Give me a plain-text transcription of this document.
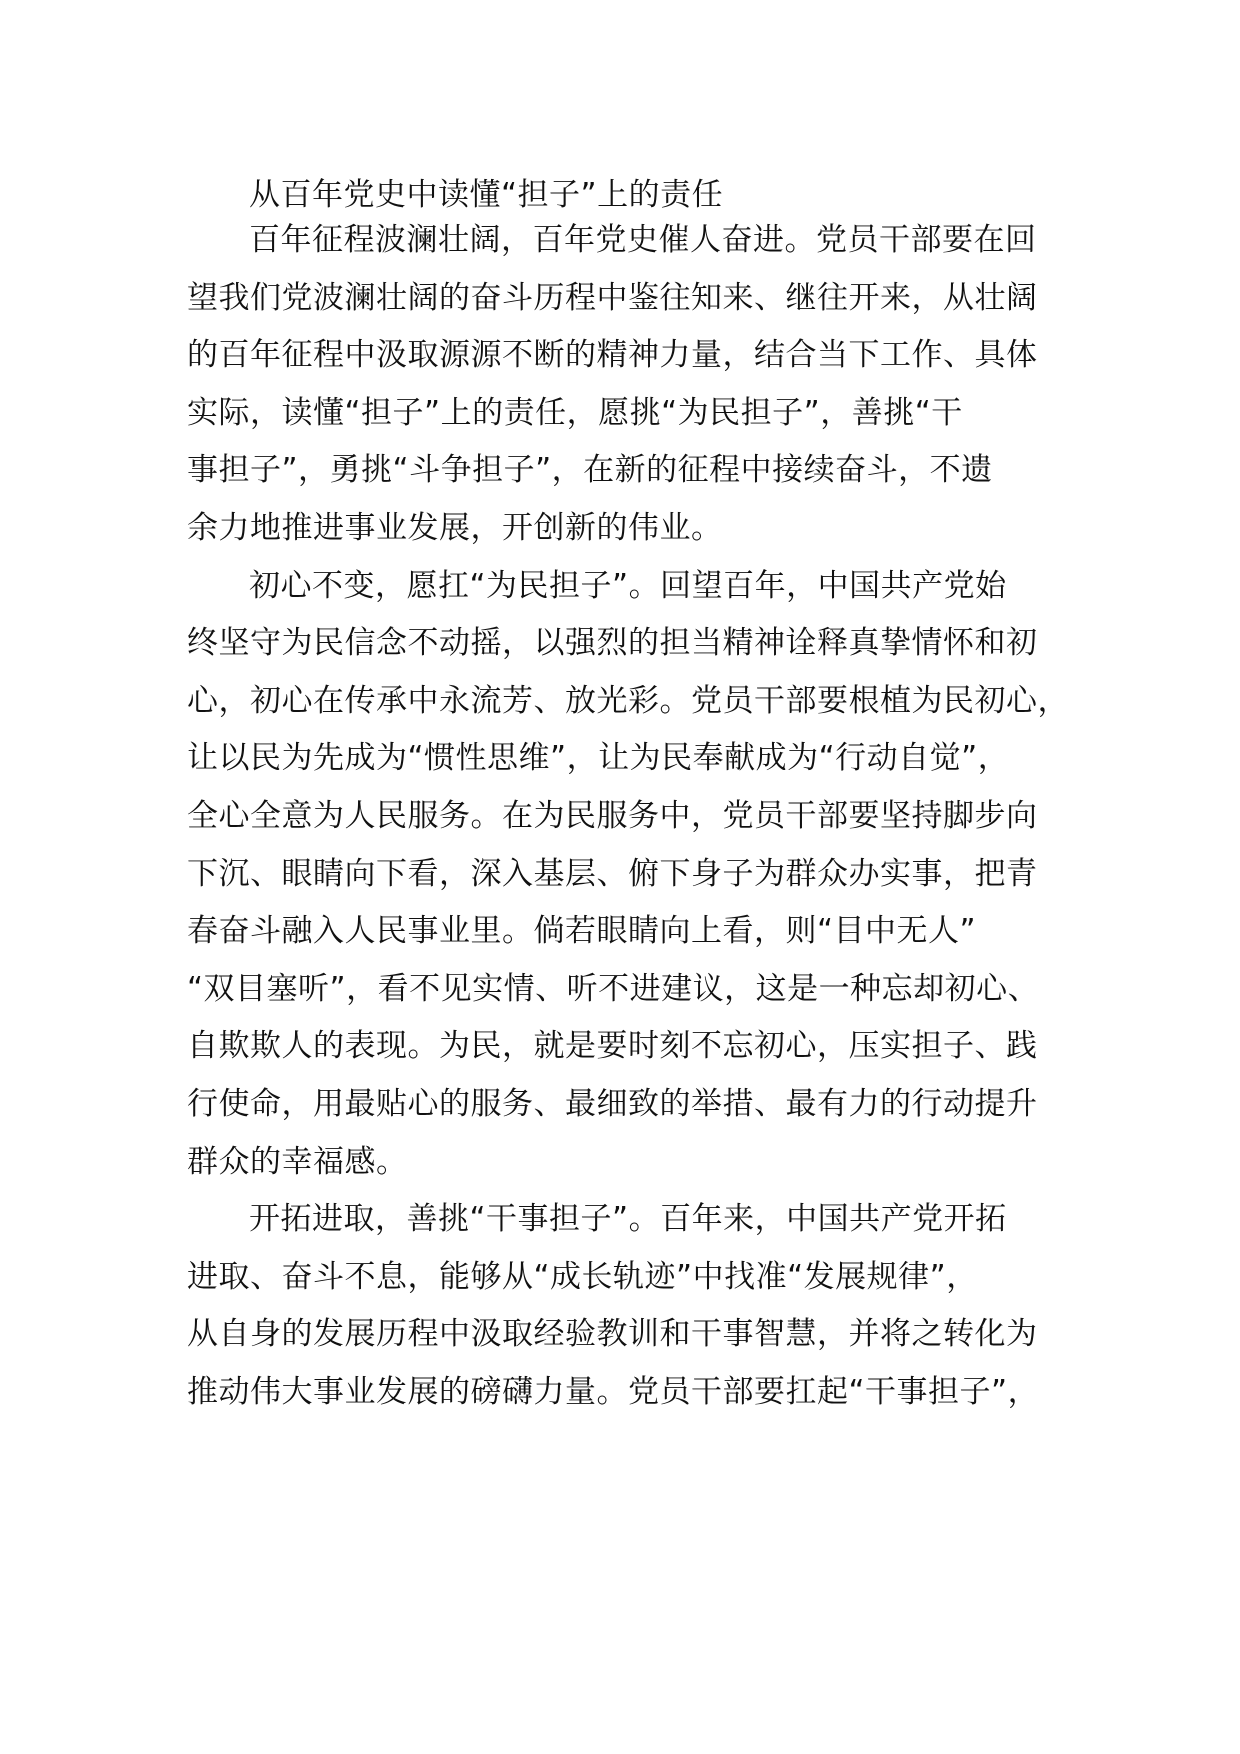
从百年党史中读懂“担子”上的责任
百年征程波澜壮阔，百年党史催人奋进。党员干部要在回
望我们党波澜壮阔的奋斗历程中鉴往知来、继往开来，从壮阔
的百年征程中汲取源源不断的精神力量，结合当下工作、具体
实际，读懂“担子”上的责任，愿挑“为民担子”，善挑“干
事担子”，勇挑“斗争担子”，在新的征程中接续奋斗，不遗
余力地推进事业发展，开创新的伟业。
初心不变，愿扛“为民担子”。回望百年，中国共产党始
终坚守为民信念不动摇，以强烈的担当精神诠释真挚情怀和初
心，初心在传承中永流芳、放光彩。党员干部要根植为民初心，
让以民为先成为“惯性思维”，让为民奉献成为“行动自觉”，
全心全意为人民服务。在为民服务中，党员干部要坚持脚步向
下沉、眼睛向下看，深入基层、俯下身子为群众办实事，把青
春奋斗融入人民事业里。倘若眼睛向上看，则“目中无人”
“双目塞听”，看不见实情、听不进建议，这是一种忘却初心、
自欺欺人的表现。为民，就是要时刻不忘初心，压实担子、践
行使命，用最贴心的服务、最细致的举措、最有力的行动提升
群众的幸福感。
开拓进取，善挑“干事担子”。百年来，中国共产党开拓
进取、奋斗不息，能够从“成长轨迹”中找准“发展规律”，
从自身的发展历程中汲取经验教训和干事智慧，并将之转化为
推动伟大事业发展的磅礴力量。党员干部要扛起“干事担子”，
